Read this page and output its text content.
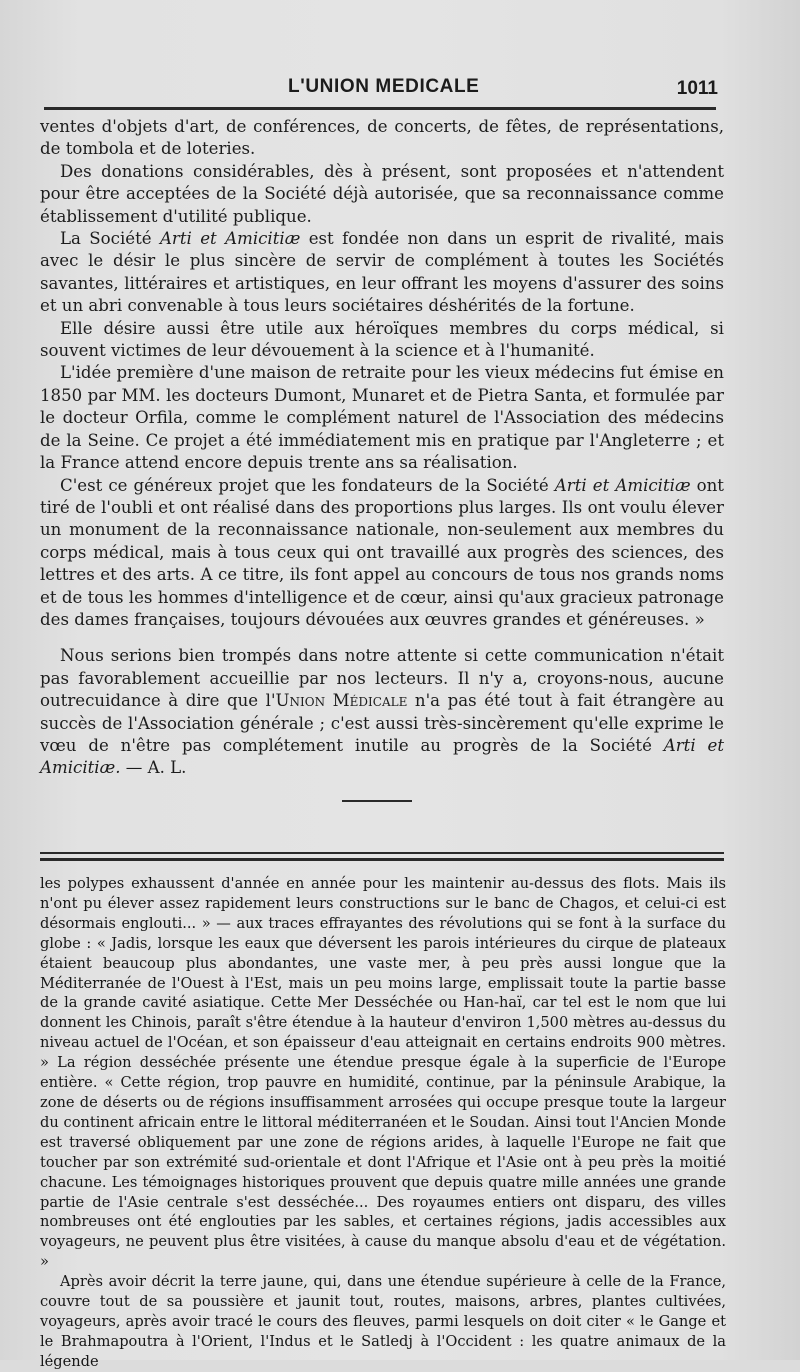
L'UNION MEDICALE	1011

ventes d'objets d'art, de conférences, de concerts, de fêtes, de représentations, de tombola et de loteries.

Des donations considérables, dès à présent, sont proposées et n'attendent pour être acceptées de la Société déjà autorisée, que sa reconnaissance comme établissement d'utilité publique.

La Société Arti et Amicitiæ est fondée non dans un esprit de rivalité, mais avec le désir le plus sincère de servir de complément à toutes les Sociétés savantes, littéraires et artistiques, en leur offrant les moyens d'assurer des soins et un abri convenable à tous leurs sociétaires déshérités de la fortune.

Elle désire aussi être utile aux héroïques membres du corps médical, si souvent victimes de leur dévouement à la science et à l'humanité.

L'idée première d'une maison de retraite pour les vieux médecins fut émise en 1850 par MM. les docteurs Dumont, Munaret et de Pietra Santa, et formulée par le docteur Orfila, comme le complément naturel de l'Association des médecins de la Seine. Ce projet a été immédiatement mis en pratique par l'Angleterre ; et la France attend encore depuis trente ans sa réalisation.

C'est ce généreux projet que les fondateurs de la Société Arti et Amicitiæ ont tiré de l'oubli et ont réalisé dans des proportions plus larges. Ils ont voulu élever un monument de la reconnaissance nationale, non-seulement aux membres du corps médical, mais à tous ceux qui ont travaillé aux progrès des sciences, des lettres et des arts. A ce titre, ils font appel au concours de tous nos grands noms et de tous les hommes d'intelligence et de cœur, ainsi qu'aux gracieux patronage des dames françaises, toujours dévouées aux œuvres grandes et généreuses. »

Nous serions bien trompés dans notre attente si cette communication n'était pas favorablement accueillie par nos lecteurs. Il n'y a, croyons-nous, aucune outrecuidance à dire que l'Union Médicale n'a pas été tout à fait étrangère au succès de l'Association générale ; c'est aussi très-sincèrement qu'elle exprime le vœu de n'être pas complétement inutile au progrès de la Société Arti et Amicitiæ. — A. L.

les polypes exhaussent d'année en année pour les maintenir au-dessus des flots. Mais ils n'ont pu élever assez rapidement leurs constructions sur le banc de Chagos, et celui-ci est désormais englouti... » — aux traces effrayantes des révolutions qui se font à la surface du globe : « Jadis, lorsque les eaux que déversent les parois intérieures du cirque de plateaux étaient beaucoup plus abondantes, une vaste mer, à peu près aussi longue que la Méditerranée de l'Ouest à l'Est, mais un peu moins large, emplissait toute la partie basse de la grande cavité asiatique. Cette Mer Desséchée ou Han-haï, car tel est le nom que lui donnent les Chinois, paraît s'être étendue à la hauteur d'environ 1,500 mètres au-dessus du niveau actuel de l'Océan, et son épaisseur d'eau atteignait en certains endroits 900 mètres. » La région desséchée présente une étendue presque égale à la superficie de l'Europe entière. « Cette région, trop pauvre en humidité, continue, par la péninsule Arabique, la zone de déserts ou de régions insuffisamment arrosées qui occupe presque toute la largeur du continent africain entre le littoral méditerranéen et le Soudan. Ainsi tout l'Ancien Monde est traversé obliquement par une zone de régions arides, à laquelle l'Europe ne fait que toucher par son extrémité sud-orientale et dont l'Afrique et l'Asie ont à peu près la moitié chacune. Les témoignages historiques prouvent que depuis quatre mille années une grande partie de l'Asie centrale s'est desséchée... Des royaumes entiers ont disparu, des villes nombreuses ont été englouties par les sables, et certaines régions, jadis accessibles aux voyageurs, ne peuvent plus être visitées, à cause du manque absolu d'eau et de végétation. »

Après avoir décrit la terre jaune, qui, dans une étendue supérieure à celle de la France, couvre tout de sa poussière et jaunit tout, routes, maisons, arbres, plantes cultivées, voyageurs, après avoir tracé le cours des fleuves, parmi lesquels on doit citer « le Gange et le Brahmapoutra à l'Orient, l'Indus et le Satledj à l'Occident : les quatre animaux de la légende
